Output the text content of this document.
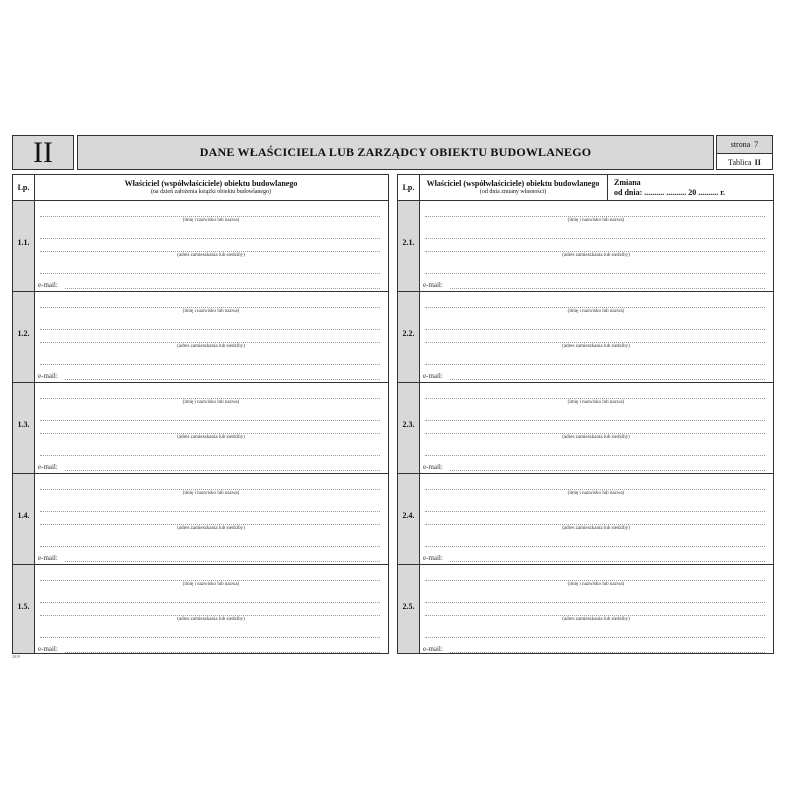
II	DANE WŁAŚCICIELA LUB ZARZĄDCY OBIEKTU BUDOWLANEGO
strona 7
Tablica II
Lp.	Właściciel (współwłaściciele) obiektu budowlanego
(na dzień założenia książki obiektu budowlanego)
1.1.
(imię i nazwisko lub nazwa)
(adres zamieszkania lub siedziby)
e-mail:
1.2.
(imię i nazwisko lub nazwa)
(adres zamieszkania lub siedziby)
e-mail:
1.3.
(imię i nazwisko lub nazwa)
(adres zamieszkania lub siedziby)
e-mail:
1.4.
(imię i nazwisko lub nazwa)
(adres zamieszkania lub siedziby)
e-mail:
1.5.
(imię i nazwisko lub nazwa)
(adres zamieszkania lub siedziby)
e-mail:
Lp.	Właściciel (współwłaściciele) obiektu budowlanego
(od dnia zmiany własności)
Zmiana
od dnia: .......... .......... 20 .......... r.
2.1.
(imię i nazwisko lub nazwa)
(adres zamieszkania lub siedziby)
e-mail:
2.2.
(imię i nazwisko lub nazwa)
(adres zamieszkania lub siedziby)
e-mail:
2.3.
(imię i nazwisko lub nazwa)
(adres zamieszkania lub siedziby)
e-mail:
2.4.
(imię i nazwisko lub nazwa)
(adres zamieszkania lub siedziby)
e-mail:
2.5.
(imię i nazwisko lub nazwa)
(adres zamieszkania lub siedziby)
e-mail:
2019
